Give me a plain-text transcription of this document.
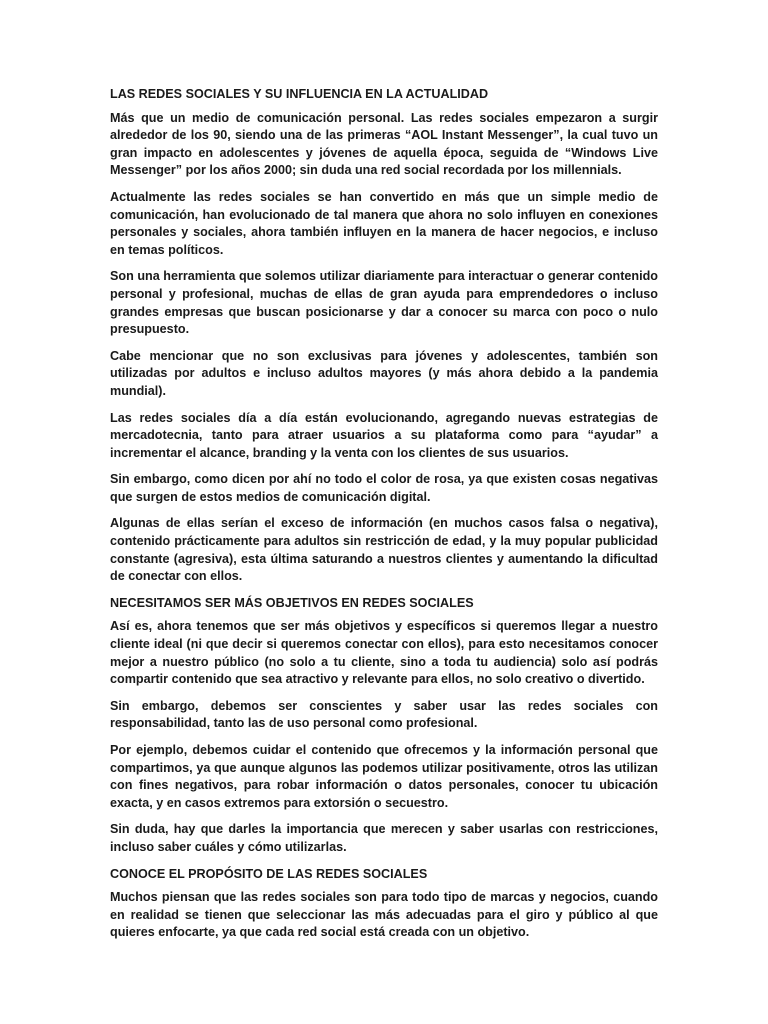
LAS REDES SOCIALES Y SU INFLUENCIA EN LA ACTUALIDAD

Más que un medio de comunicación personal. Las redes sociales empezaron a surgir alrededor de los 90, siendo una de las primeras “AOL Instant Messenger”, la cual tuvo un gran impacto en adolescentes y jóvenes de aquella época, seguida de “Windows Live Messenger” por los años 2000; sin duda una red social recordada por los millennials.

Actualmente las redes sociales se han convertido en más que un simple medio de comunicación, han evolucionado de tal manera que ahora no solo influyen en conexiones personales y sociales, ahora también influyen en la manera de hacer negocios, e incluso en temas políticos.

Son una herramienta que solemos utilizar diariamente para interactuar o generar contenido personal y profesional, muchas de ellas de gran ayuda para emprendedores o incluso grandes empresas que buscan posicionarse y dar a conocer su marca con poco o nulo presupuesto.

Cabe mencionar que no son exclusivas para jóvenes y adolescentes, también son utilizadas por adultos e incluso adultos mayores (y más ahora debido a la pandemia mundial).

Las redes sociales día a día están evolucionando, agregando nuevas estrategias de mercadotecnia, tanto para atraer usuarios a su plataforma como para “ayudar” a incrementar el alcance, branding y la venta con los clientes de sus usuarios.

Sin embargo, como dicen por ahí no todo el color de rosa, ya que existen cosas negativas que surgen de estos medios de comunicación digital.

Algunas de ellas serían el exceso de información (en muchos casos falsa o negativa), contenido prácticamente para adultos sin restricción de edad, y la muy popular publicidad constante (agresiva), esta última saturando a nuestros clientes y aumentando la dificultad de conectar con ellos.

NECESITAMOS SER MÁS OBJETIVOS EN REDES SOCIALES

Así es, ahora tenemos que ser más objetivos y específicos si queremos llegar a nuestro cliente ideal (ni que decir si queremos conectar con ellos), para esto necesitamos conocer mejor a nuestro público (no solo a tu cliente, sino a toda tu audiencia) solo así podrás compartir contenido que sea atractivo y relevante para ellos, no solo creativo o divertido.

Sin embargo, debemos ser conscientes y saber usar las redes sociales con responsabilidad, tanto las de uso personal como profesional.

Por ejemplo, debemos cuidar el contenido que ofrecemos y la información personal que compartimos, ya que aunque algunos las podemos utilizar positivamente, otros las utilizan con fines negativos, para robar información o datos personales, conocer tu ubicación exacta, y en casos extremos para extorsión o secuestro.

Sin duda, hay que darles la importancia que merecen y saber usarlas con restricciones, incluso saber cuáles y cómo utilizarlas.

CONOCE EL PROPÓSITO DE LAS REDES SOCIALES

Muchos piensan que las redes sociales son para todo tipo de marcas y negocios, cuando en realidad se tienen que seleccionar las más adecuadas para el giro y público al que quieres enfocarte, ya que cada red social está creada con un objetivo.
